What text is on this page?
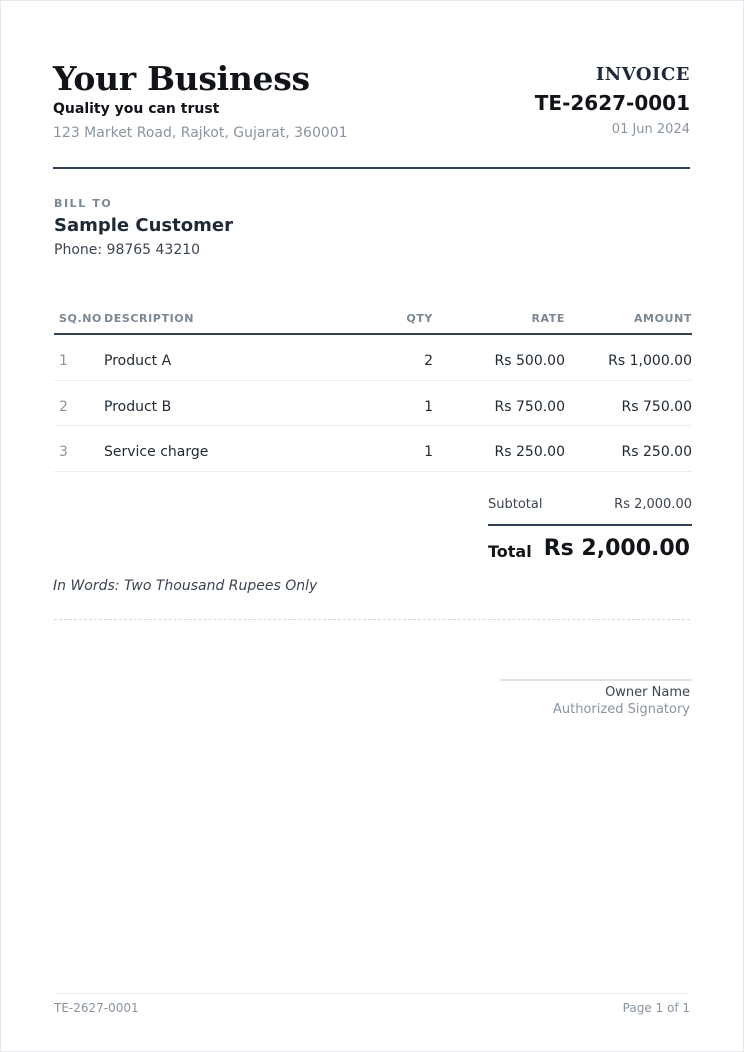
Your Business
Quality you can trust
123 Market Road, Rajkot, Gujarat, 360001
INVOICE
TE-2627-0001
01 Jun 2024
BILL TO
Sample Customer
Phone: 98765 43210
SQ.NO DESCRIPTION	QTY	RATE	AMOUNT
1	Product A	2	Rs 500.00	Rs 1,000.00
2	Product B	1	Rs 750.00	Rs 750.00
3	Service charge	1	Rs 250.00	Rs 250.00
Subtotal	Rs 2,000.00
Total Rs 2,000.00
In Words: Two Thousand Rupees Only
Owner Name
Authorized Signatory
TE-2627-0001	Page 1 of 1
